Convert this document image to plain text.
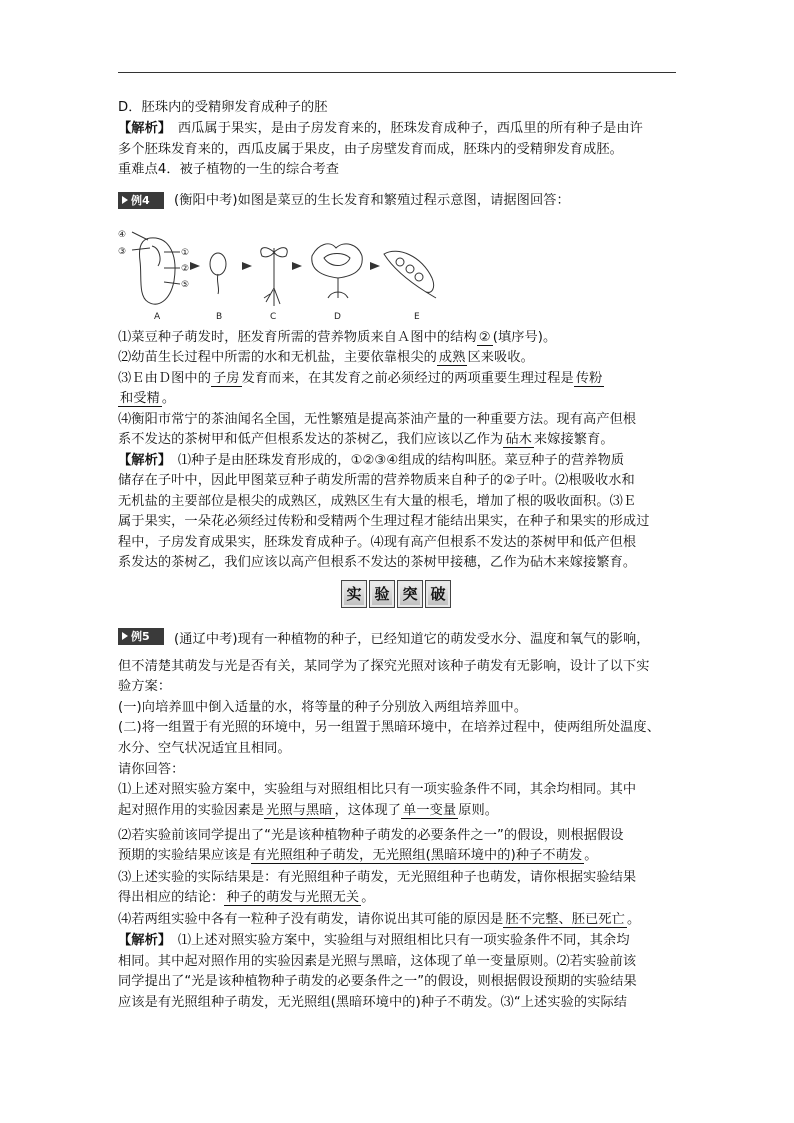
D．胚珠内的受精卵发育成种子的胚
【解析】　西瓜属于果实，是由子房发育来的，胚珠发育成种子，西瓜里的所有种子是由许
多个胚珠发育来的，西瓜皮属于果皮，由子房壁发育而成，胚珠内的受精卵发育成胚。
重难点4．被子植物的一生的综合考查
例4	(衡阳中考)如图是菜豆的生长发育和繁殖过程示意图，请据图回答：
④
③	①
②
⑤
A	B	C	D	E
⑴菜豆种子萌发时，胚发育所需的营养物质来自Ａ图中的结构 ② (填序号)。
⑵幼苗生长过程中所需的水和无机盐，主要依靠根尖的 成熟 区来吸收。
⑶Ｅ由Ｄ图中的 子房 发育而来，在其发育之前必须经过的两项重要生理过程是 传粉
和受精 。
⑷衡阳市常宁的茶油闻名全国，无性繁殖是提高茶油产量的一种重要方法。现有高产但根
系不发达的茶树甲和低产但根系发达的茶树乙，我们应该以乙作为 砧木 来嫁接繁育。
【解析】　⑴种子是由胚珠发育形成的，①②③④组成的结构叫胚。菜豆种子的营养物质
储存在子叶中，因此甲图菜豆种子萌发所需的营养物质来自种子的②子叶。⑵根吸收水和
无机盐的主要部位是根尖的成熟区，成熟区生有大量的根毛，增加了根的吸收面积。⑶Ｅ
属于果实，一朵花必须经过传粉和受精两个生理过程才能结出果实，在种子和果实的形成过
程中，子房发育成果实，胚珠发育成种子。⑷现有高产但根系不发达的茶树甲和低产但根
系发达的茶树乙，我们应该以高产但根系不发达的茶树甲接穗，乙作为砧木来嫁接繁育。
实 验 突 破
例5	(通辽中考)现有一种植物的种子，已经知道它的萌发受水分、温度和氧气的影响，
但不清楚其萌发与光是否有关，某同学为了探究光照对该种子萌发有无影响，设计了以下实
验方案：
(一)向培养皿中倒入适量的水，将等量的种子分别放入两组培养皿中。
(二)将一组置于有光照的环境中，另一组置于黑暗环境中，在培养过程中，使两组所处温度、
水分、空气状况适宜且相同。
请你回答：
⑴上述对照实验方案中，实验组与对照组相比只有一项实验条件不同，其余均相同。其中
起对照作用的实验因素是 光照与黑暗 ，这体现了 单一变量 原则。
⑵若实验前该同学提出了“光是该种植物种子萌发的必要条件之一”的假设，则根据假设
预期的实验结果应该是 有光照组种子萌发，无光照组(黑暗环境中的)种子不萌发 。
⑶上述实验的实际结果是：有光照组种子萌发，无光照组种子也萌发，请你根据实验结果
得出相应的结论： 种子的萌发与光照无关 。
⑷若两组实验中各有一粒种子没有萌发，请你说出其可能的原因是 胚不完整、胚已死亡 。
【解析】　⑴上述对照实验方案中，实验组与对照组相比只有一项实验条件不同，其余均
相同。其中起对照作用的实验因素是光照与黑暗，这体现了单一变量原则。⑵若实验前该
同学提出了“光是该种植物种子萌发的必要条件之一”的假设，则根据假设预期的实验结果
应该是有光照组种子萌发，无光照组(黑暗环境中的)种子不萌发。⑶“上述实验的实际结
